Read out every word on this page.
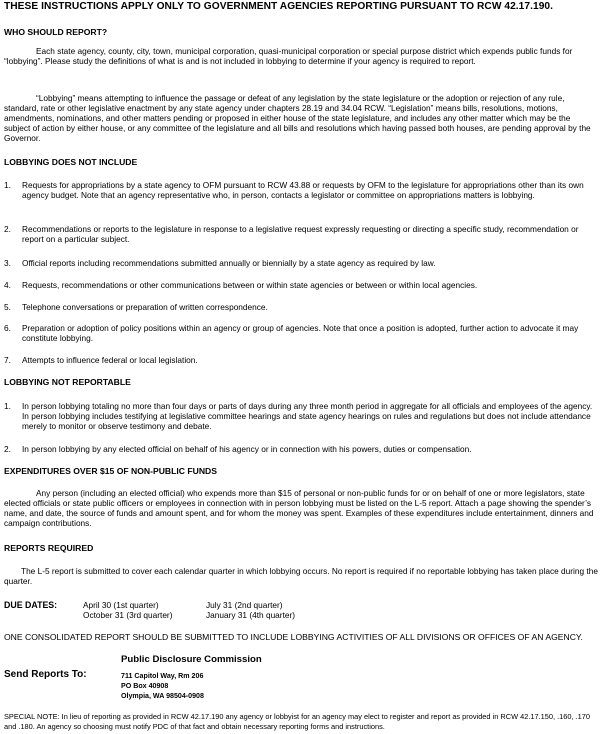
THESE INSTRUCTIONS APPLY ONLY TO GOVERNMENT AGENCIES REPORTING PURSUANT TO RCW 42.17.190.
WHO SHOULD REPORT?
Each state agency, county, city, town, municipal corporation, quasi-municipal corporation or special purpose district which expends public funds for “lobbying”. Please study the definitions of what is and is not included in lobbying to determine if your agency is required to report.
“Lobbying” means attempting to influence the passage or defeat of any legislation by the state legislature or the adoption or rejection of any rule, standard, rate or other legislative enactment by any state agency under chapters 28.19 and 34.04 RCW. “Legislation” means bills, resolutions, motions, amendments, nominations, and other matters pending or proposed in either house of the state legislature, and includes any other matter which may be the subject of action by either house, or any committee of the legislature and all bills and resolutions which having passed both houses, are pending approval by the Governor.
LOBBYING DOES NOT INCLUDE
1. Requests for appropriations by a state agency to OFM pursuant to RCW 43.88 or requests by OFM to the legislature for appropriations other than its own agency budget. Note that an agency representative who, in person, contacts a legislator or committee on appropriations matters is lobbying.
2. Recommendations or reports to the legislature in response to a legislative request expressly requesting or directing a specific study, recommendation or report on a particular subject.
3. Official reports including recommendations submitted annually or biennially by a state agency as required by law.
4. Requests, recommendations or other communications between or within state agencies or between or within local agencies.
5. Telephone conversations or preparation of written correspondence.
6. Preparation or adoption of policy positions within an agency or group of agencies. Note that once a position is adopted, further action to advocate it may constitute lobbying.
7. Attempts to influence federal or local legislation.
LOBBYING NOT REPORTABLE
1. In person lobbying totaling no more than four days or parts of days during any three month period in aggregate for all officials and employees of the agency. In person lobbying includes testifying at legislative committee hearings and state agency hearings on rules and regulations but does not include attendance merely to monitor or observe testimony and debate.
2. In person lobbying by any elected official on behalf of his agency or in connection with his powers, duties or compensation.
EXPENDITURES OVER $15 OF NON-PUBLIC FUNDS
Any person (including an elected official) who expends more than $15 of personal or non-public funds for or on behalf of one or more legislators, state elected officials or state public officers or employees in connection with in person lobbying must be listed on the L-5 report. Attach a page showing the spender’s name, and date, the source of funds and amount spent, and for whom the money was spent. Examples of these expenditures include entertainment, dinners and campaign contributions.
REPORTS REQUIRED
The L-5 report is submitted to cover each calendar quarter in which lobbying occurs. No report is required if no reportable lobbying has taken place during the quarter.
DUE DATES:	April 30 (1st quarter)	July 31 (2nd quarter)
October 31 (3rd quarter)	January 31 (4th quarter)
ONE CONSOLIDATED REPORT SHOULD BE SUBMITTED TO INCLUDE LOBBYING ACTIVITIES OF ALL DIVISIONS OR OFFICES OF AN AGENCY.
Public Disclosure Commission
Send Reports To:	711 Capitol Way, Rm 206
PO Box 40908
Olympia, WA 98504-0908
SPECIAL NOTE: In lieu of reporting as provided in RCW 42.17.190 any agency or lobbyist for an agency may elect to register and report as provided in RCW 42.17.150, .160, .170 and .180. An agency so choosing must notify PDC of that fact and obtain necessary reporting forms and instructions.
